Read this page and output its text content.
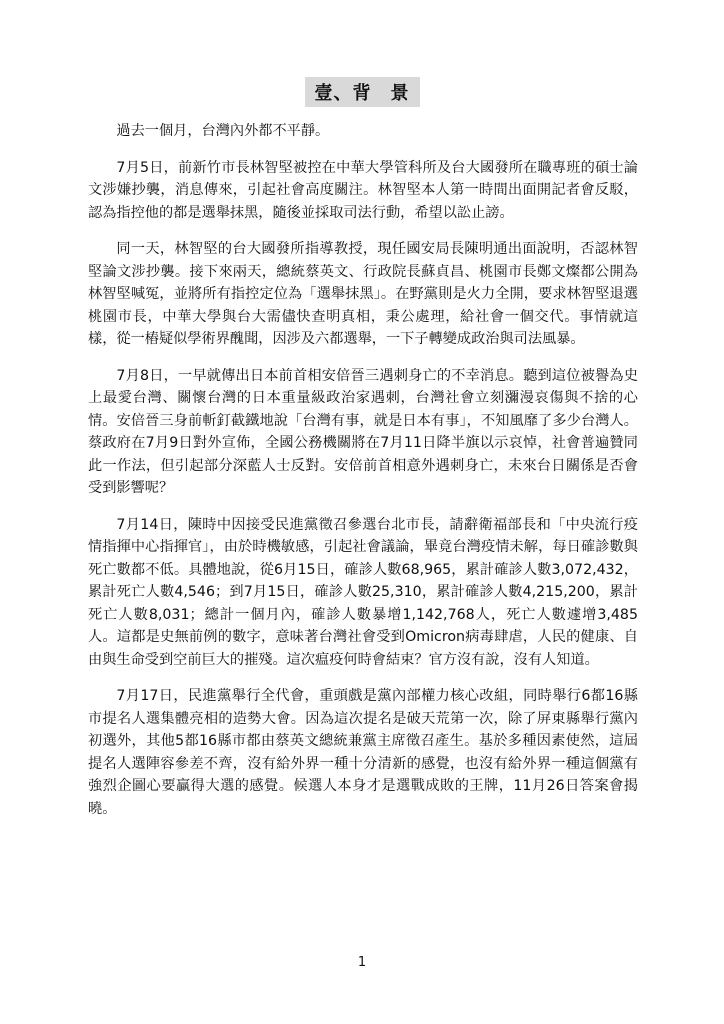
壹、背　景

過去一個月，台灣內外都不平靜。

7月5日，前新竹市長林智堅被控在中華大學管科所及台大國發所在職專班的碩士論文涉嫌抄襲，消息傳來，引起社會高度關注。林智堅本人第一時間出面開記者會反駁，認為指控他的都是選舉抹黑，隨後並採取司法行動，希望以訟止謗。

同一天，林智堅的台大國發所指導教授，現任國安局長陳明通出面說明，否認林智堅論文涉抄襲。接下來兩天，總統蔡英文、行政院長蘇貞昌、桃園市長鄭文燦都公開為林智堅喊冤，並將所有指控定位為「選舉抹黑」。在野黨則是火力全開，要求林智堅退選桃園市長，中華大學與台大需儘快查明真相，秉公處理，給社會一個交代。事情就這樣，從一樁疑似學術界醜聞，因涉及六都選舉，一下子轉變成政治與司法風暴。

7月8日，一早就傳出日本前首相安倍晉三遇刺身亡的不幸消息。聽到這位被譽為史上最愛台灣、關懷台灣的日本重量級政治家遇刺，台灣社會立刻瀰漫哀傷與不捨的心情。安倍晉三身前斬釘截鐵地說「台灣有事，就是日本有事」，不知風靡了多少台灣人。蔡政府在7月9日對外宣佈，全國公務機關將在7月11日降半旗以示哀悼，社會普遍贊同此一作法，但引起部分深藍人士反對。安倍前首相意外遇刺身亡，未來台日關係是否會受到影響呢？

7月14日，陳時中因接受民進黨徵召參選台北市長，請辭衛福部長和「中央流行疫情指揮中心指揮官」，由於時機敏感，引起社會議論，畢竟台灣疫情未解，每日確診數與死亡數都不低。具體地說，從6月15日，確診人數68,965，累計確診人數3,072,432，累計死亡人數4,546；到7月15日，確診人數25,310，累計確診人數4,215,200，累計死亡人數8,031；總計一個月內，確診人數暴增1,142,768人，死亡人數遽增3,485人。這都是史無前例的數字，意味著台灣社會受到Omicron病毒肆虐，人民的健康、自由與生命受到空前巨大的摧殘。這次瘟疫何時會結束？官方沒有說，沒有人知道。

7月17日，民進黨舉行全代會，重頭戲是黨內部權力核心改組，同時舉行6都16縣市提名人選集體亮相的造勢大會。因為這次提名是破天荒第一次，除了屏東縣舉行黨內初選外，其他5都16縣市都由蔡英文總統兼黨主席徵召產生。基於多種因素使然，這屆提名人選陣容參差不齊，沒有給外界一種十分清新的感覺，也沒有給外界一種這個黨有強烈企圖心要贏得大選的感覺。候選人本身才是選戰成敗的王牌，11月26日答案會揭曉。

1
